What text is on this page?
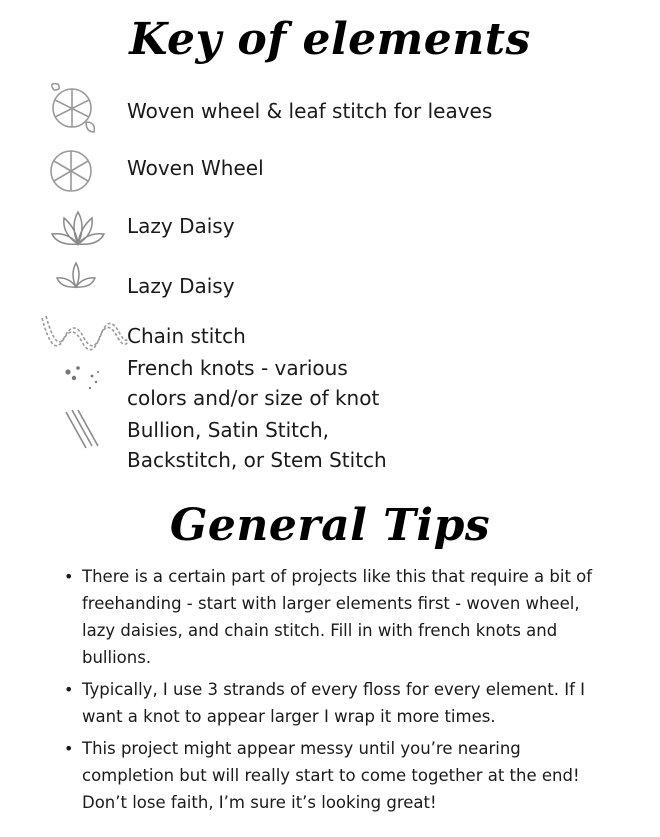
Key of elements
Woven wheel & leaf stitch for leaves
Woven Wheel
Lazy Daisy
Lazy Daisy
Chain stitch
French knots - various
colors and/or size of knot
Bullion, Satin Stitch,
Backstitch, or Stem Stitch
General Tips
• There is a certain part of projects like this that require a bit of
freehanding - start with larger elements first - woven wheel,
lazy daisies, and chain stitch. Fill in with french knots and
bullions.
• Typically, I use 3 strands of every floss for every element. If I
want a knot to appear larger I wrap it more times.
• This project might appear messy until you’re nearing
completion but will really start to come together at the end!
Don’t lose faith, I’m sure it’s looking great!
